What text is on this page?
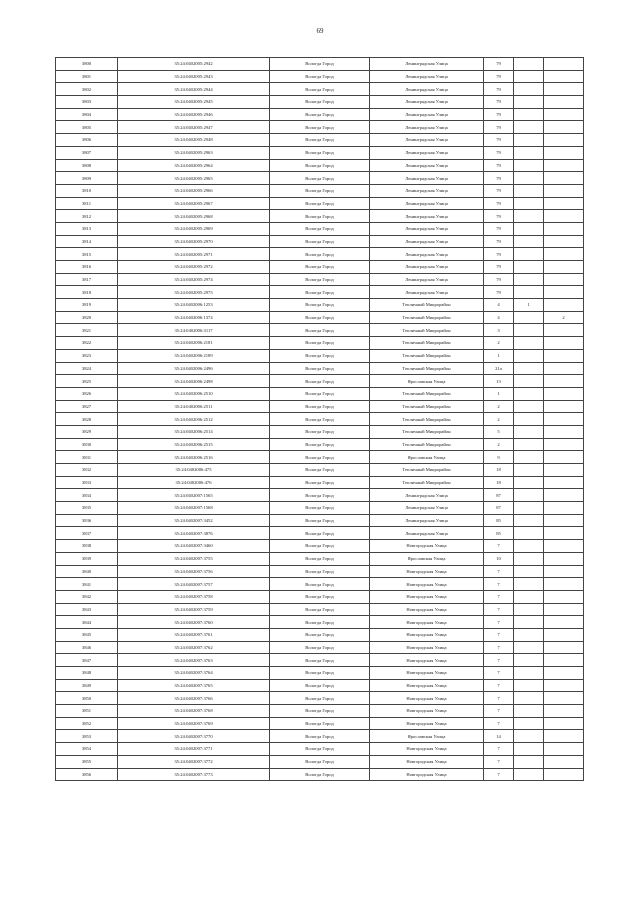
69
3800	35:24:0402005:2942	Вологда Город	Ленинградская Улица	79		
3801	35:24:0402005:2943	Вологда Город	Ленинградская Улица	79		
3802	35:24:0402005:2944	Вологда Город	Ленинградская Улица	79		
3803	35:24:0402005:2945	Вологда Город	Ленинградская Улица	79		
3804	35:24:0402005:2946	Вологда Город	Ленинградская Улица	79		
3805	35:24:0402005:2947	Вологда Город	Ленинградская Улица	79		
3806	35:24:0402005:2948	Вологда Город	Ленинградская Улица	79		
3807	35:24:0402005:2963	Вологда Город	Ленинградская Улица	79		
3808	35:24:0402005:2964	Вологда Город	Ленинградская Улица	79		
3809	35:24:0402005:2965	Вологда Город	Ленинградская Улица	79		
3810	35:24:0402005:2966	Вологда Город	Ленинградская Улица	79		
3811	35:24:0402005:2967	Вологда Город	Ленинградская Улица	79		
3812	35:24:0402005:2968	Вологда Город	Ленинградская Улица	79		
3813	35:24:0402005:2969	Вологда Город	Ленинградская Улица	79		
3814	35:24:0402005:2970	Вологда Город	Ленинградская Улица	79		
3815	35:24:0402005:2971	Вологда Город	Ленинградская Улица	79		
3816	35:24:0402005:2972	Вологда Город	Ленинградская Улица	79		
3817	35:24:0402005:2974	Вологда Город	Ленинградская Улица	79		
3818	35:24:0402005:2975	Вологда Город	Ленинградская Улица	79		
3819	35:24:0402006:1253	Вологда Город	Тепличный Микрорайон	4	1	
3820	35:24:0402006:1374	Вологда Город	Тепличный Микрорайон	4		2
3821	35:24:0402006:3117	Вологда Город	Тепличный Микрорайон	3		
3822	35:24:0402006:2181	Вологда Город	Тепличный Микрорайон	2		
3823	35:24:0402006:2189	Вологда Город	Тепличный Микрорайон	1		
3824	35:24:0402006:2496	Вологда Город	Тепличный Микрорайон	21а		
3825	35:24:0402006:2498	Вологда Город	Ярославская Улица	13		
3826	35:24:0402006:2510	Вологда Город	Тепличный Микрорайон	1		
3827	35:24:0402006:2511	Вологда Город	Тепличный Микрорайон	2		
3828	35:24:0402006:2512	Вологда Город	Тепличный Микрорайон	2		
3829	35:24:0402006:2514	Вологда Город	Тепличный Микрорайон	5		
3830	35:24:0402006:2515	Вологда Город	Тепличный Микрорайон	2		
3831	35:24:0402006:2516	Вологда Город	Ярославская Улица	9		
3832	35:24:0402006:475	Вологда Город	Тепличный Микрорайон	18		
3833	35:24:0402006:476	Вологда Город	Тепличный Микрорайон	18		
3834	35:24:0402007:1565	Вологда Город	Ленинградская Улица	87		
3835	35:24:0402007:1568	Вологда Город	Ленинградская Улица	87		
3836	35:24:0402007:3452	Вологда Город	Ленинградская Улица	85		
3837	35:24:0402007:3876	Вологда Город	Ленинградская Улица	85		
3838	35:24:0402007:3460	Вологда Город	Новгородская Улица	7		
3839	35:24:0402007:3755	Вологда Город	Ярославская Улица	10		
3840	35:24:0402007:3756	Вологда Город	Новгородская Улица	7		
3841	35:24:0402007:3757	Вологда Город	Новгородская Улица	7		
3842	35:24:0402007:3758	Вологда Город	Новгородская Улица	7		
3843	35:24:0402007:3759	Вологда Город	Новгородская Улица	7		
3844	35:24:0402007:3760	Вологда Город	Новгородская Улица	7		
3845	35:24:0402007:3761	Вологда Город	Новгородская Улица	7		
3846	35:24:0402007:3762	Вологда Город	Новгородская Улица	7		
3847	35:24:0402007:3763	Вологда Город	Новгородская Улица	7		
3848	35:24:0402007:3764	Вологда Город	Новгородская Улица	7		
3849	35:24:0402007:3765	Вологда Город	Новгородская Улица	7		
3850	35:24:0402007:3766	Вологда Город	Новгородская Улица	7		
3851	35:24:0402007:3768	Вологда Город	Новгородская Улица	7		
3852	35:24:0402007:3769	Вологда Город	Новгородская Улица	7		
3853	35:24:0402007:3770	Вологда Город	Ярославская Улица	14		
3854	35:24:0402007:3771	Вологда Город	Новгородская Улица	7		
3855	35:24:0402007:3772	Вологда Город	Новгородская Улица	7		
3856	35:24:0402007:3773	Вологда Город	Новгородская Улица	7		
